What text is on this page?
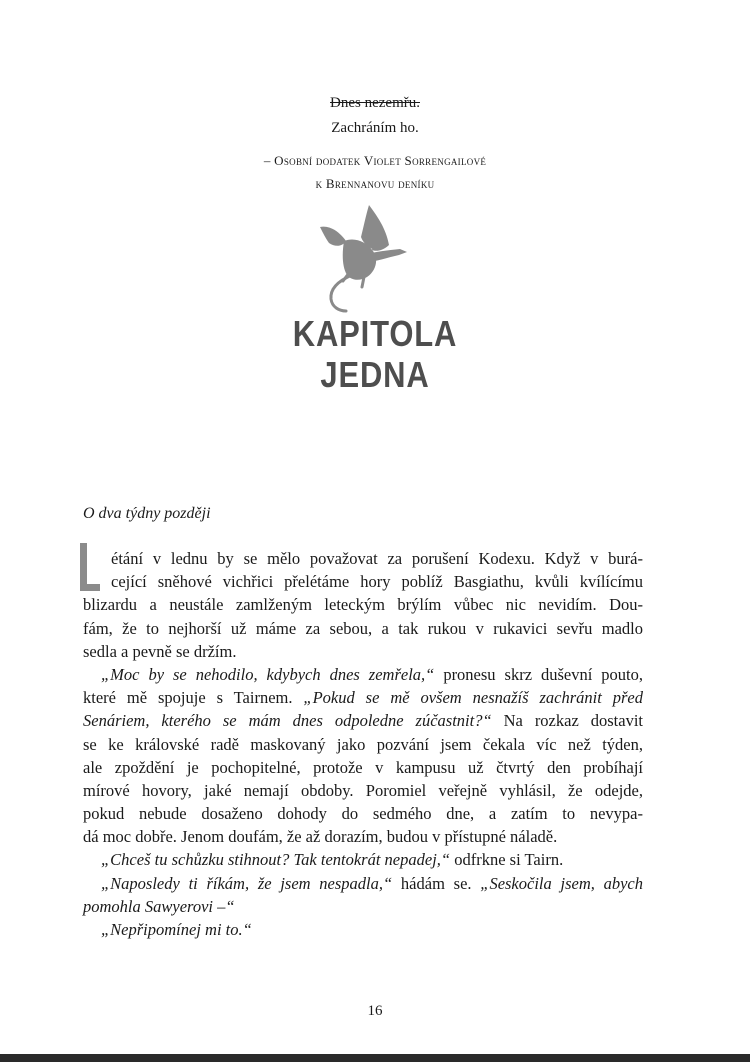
Dnes nezemřu.
Zachráním ho.
– Osobní dodatek Violet Sorrengailové
k Brennanovu deníku
KAPITOLA
JEDNA
O dva týdny později
étání v lednu by se mělo považovat za porušení Kodexu. Když v burá-
cející sněhové vichřici přelétáme hory poblíž Basgiathu, kvůli kvílícímu
blizardu a neustále zamlženým leteckým brýlím vůbec nic nevidím. Dou-
fám, že to nejhorší už máme za sebou, a tak rukou v rukavici sevřu madlo
sedla a pevně se držím.
„Moc by se nehodilo, kdybych dnes zemřela,“ pronesu skrz duševní pouto,
které mě spojuje s Tairnem. „Pokud se mě ovšem nesnažíš zachránit před
Senáriem, kterého se mám dnes odpoledne zúčastnit?“ Na rozkaz dostavit
se ke královské radě maskovaný jako pozvání jsem čekala víc než týden,
ale zpoždění je pochopitelné, protože v kampusu už čtvrtý den probíhají
mírové hovory, jaké nemají obdoby. Poromiel veřejně vyhlásil, že odejde,
pokud nebude dosaženo dohody do sedmého dne, a zatím to nevypa-
dá moc dobře. Jenom doufám, že až dorazím, budou v přístupné náladě.
„Chceš tu schůzku stihnout? Tak tentokrát nepadej,“ odfrkne si Tairn.
„Naposledy ti říkám, že jsem nespadla,“ hádám se. „Seskočila jsem, abych
pomohla Sawyerovi –“
„Nepřipomínej mi to.“
16
